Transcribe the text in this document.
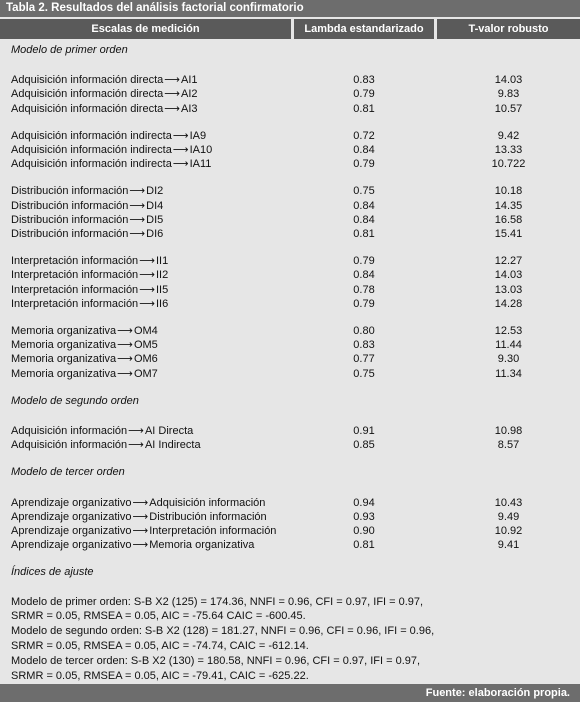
Tabla 2. Resultados del análisis factorial confirmatorio
Escalas de medición	Lambda estandarizado	T-valor robusto
Modelo de primer orden
Adquisición información directa⟶AI1	0.83	14.03
Adquisición información directa⟶AI2	0.79	9.83
Adquisición información directa⟶AI3	0.81	10.57
Adquisición información indirecta⟶IA9	0.72	9.42
Adquisición información indirecta⟶IA10	0.84	13.33
Adquisición información indirecta⟶IA11	0.79	10.722
Distribución información⟶DI2	0.75	10.18
Distribución información⟶DI4	0.84	14.35
Distribución información⟶DI5	0.84	16.58
Distribución información⟶DI6	0.81	15.41
Interpretación información⟶II1	0.79	12.27
Interpretación información⟶II2	0.84	14.03
Interpretación información⟶II5	0.78	13.03
Interpretación información⟶II6	0.79	14.28
Memoria organizativa⟶OM4	0.80	12.53
Memoria organizativa⟶OM5	0.83	11.44
Memoria organizativa⟶OM6	0.77	9.30
Memoria organizativa⟶OM7	0.75	11.34
Modelo de segundo orden
Adquisición información⟶AI Directa	0.91	10.98
Adquisición información⟶AI Indirecta	0.85	8.57
Modelo de tercer orden
Aprendizaje organizativo⟶Adquisición información	0.94	10.43
Aprendizaje organizativo⟶Distribución información	0.93	9.49
Aprendizaje organizativo⟶Interpretación información	0.90	10.92
Aprendizaje organizativo⟶Memoria organizativa	0.81	9.41
Índices de ajuste
Modelo de primer orden: S-B X2 (125) = 174.36, NNFI = 0.96, CFI = 0.97, IFI = 0.97,
SRMR = 0.05, RMSEA = 0.05, AIC = -75.64 CAIC = -600.45.
Modelo de segundo orden: S-B X2 (128) = 181.27, NNFI = 0.96, CFI = 0.96, IFI = 0.96,
SRMR = 0.05, RMSEA = 0.05, AIC = -74.74, CAIC = -612.14.
Modelo de tercer orden: S-B X2 (130) = 180.58, NNFI = 0.96, CFI = 0.97, IFI = 0.97,
SRMR = 0.05, RMSEA = 0.05, AIC = -79.41, CAIC = -625.22.
Fuente: elaboración propia.
